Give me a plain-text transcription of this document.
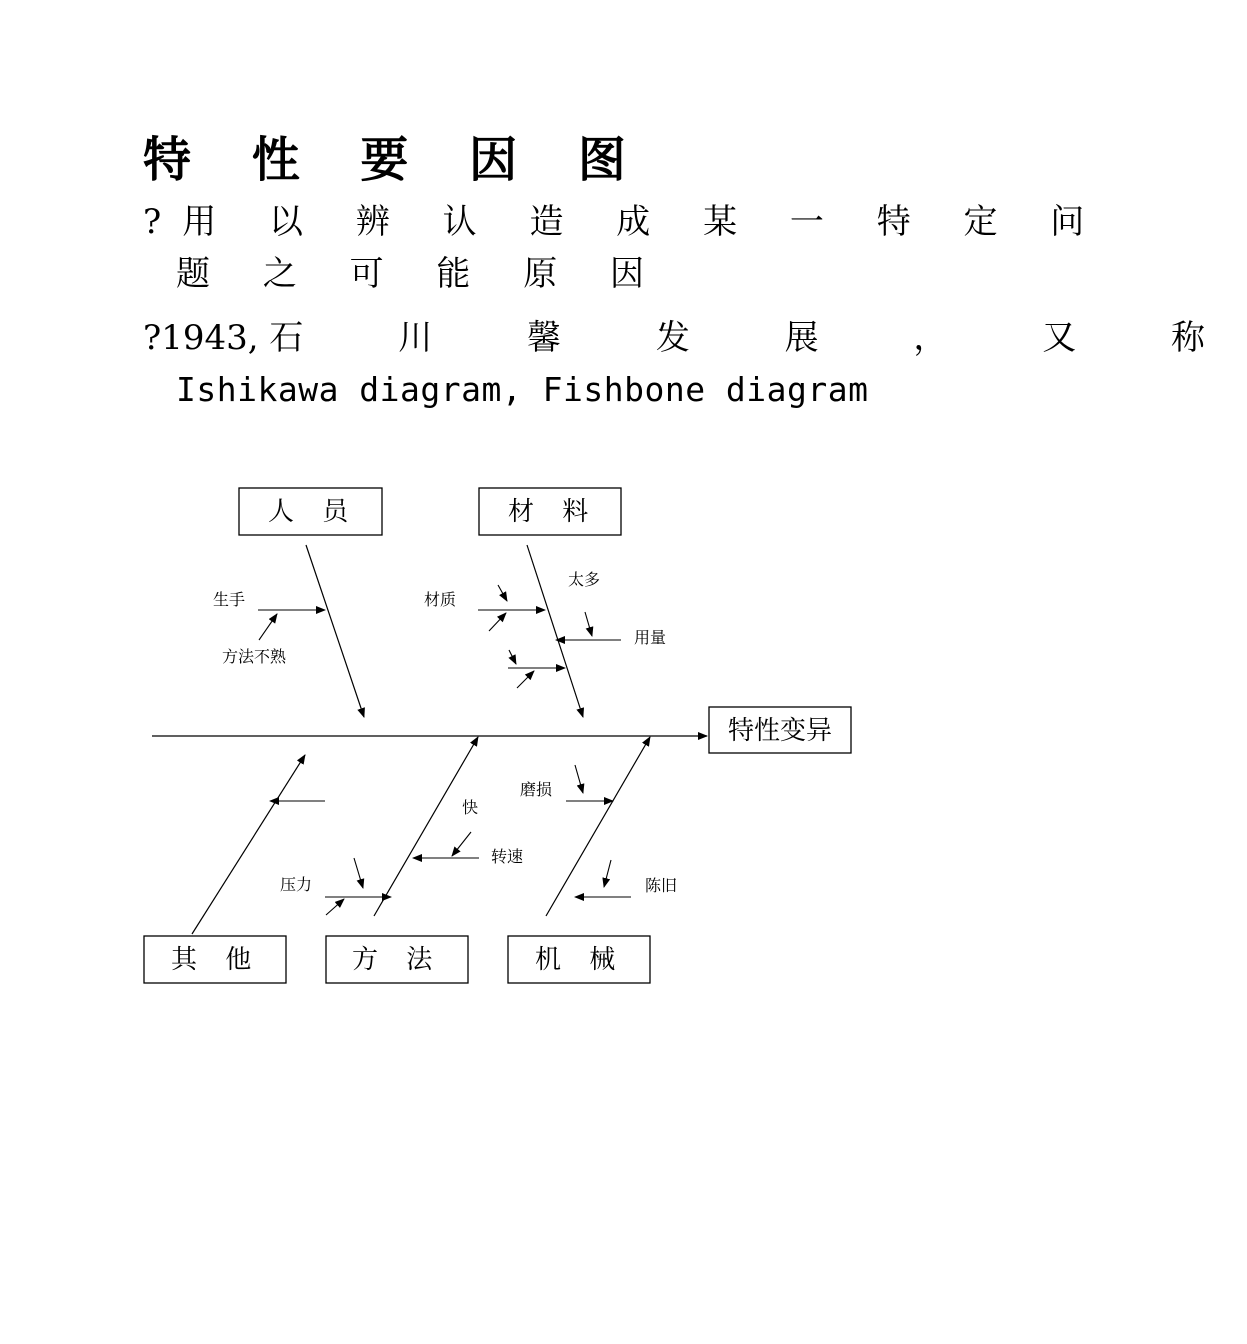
特 性 要 因 图
?用 以 辨 认 造 成 某 一 特 定 问
题 之 可 能 原 因
?1943, 石 川 馨 发 展 ， 又 称
Ishikawa diagram, Fishbone diagram
特性变异
人 员	材 料
其 他	方 法	机 械
生手
方法不熟
材质
太多
用量
快
转速
压力
磨损
陈旧
